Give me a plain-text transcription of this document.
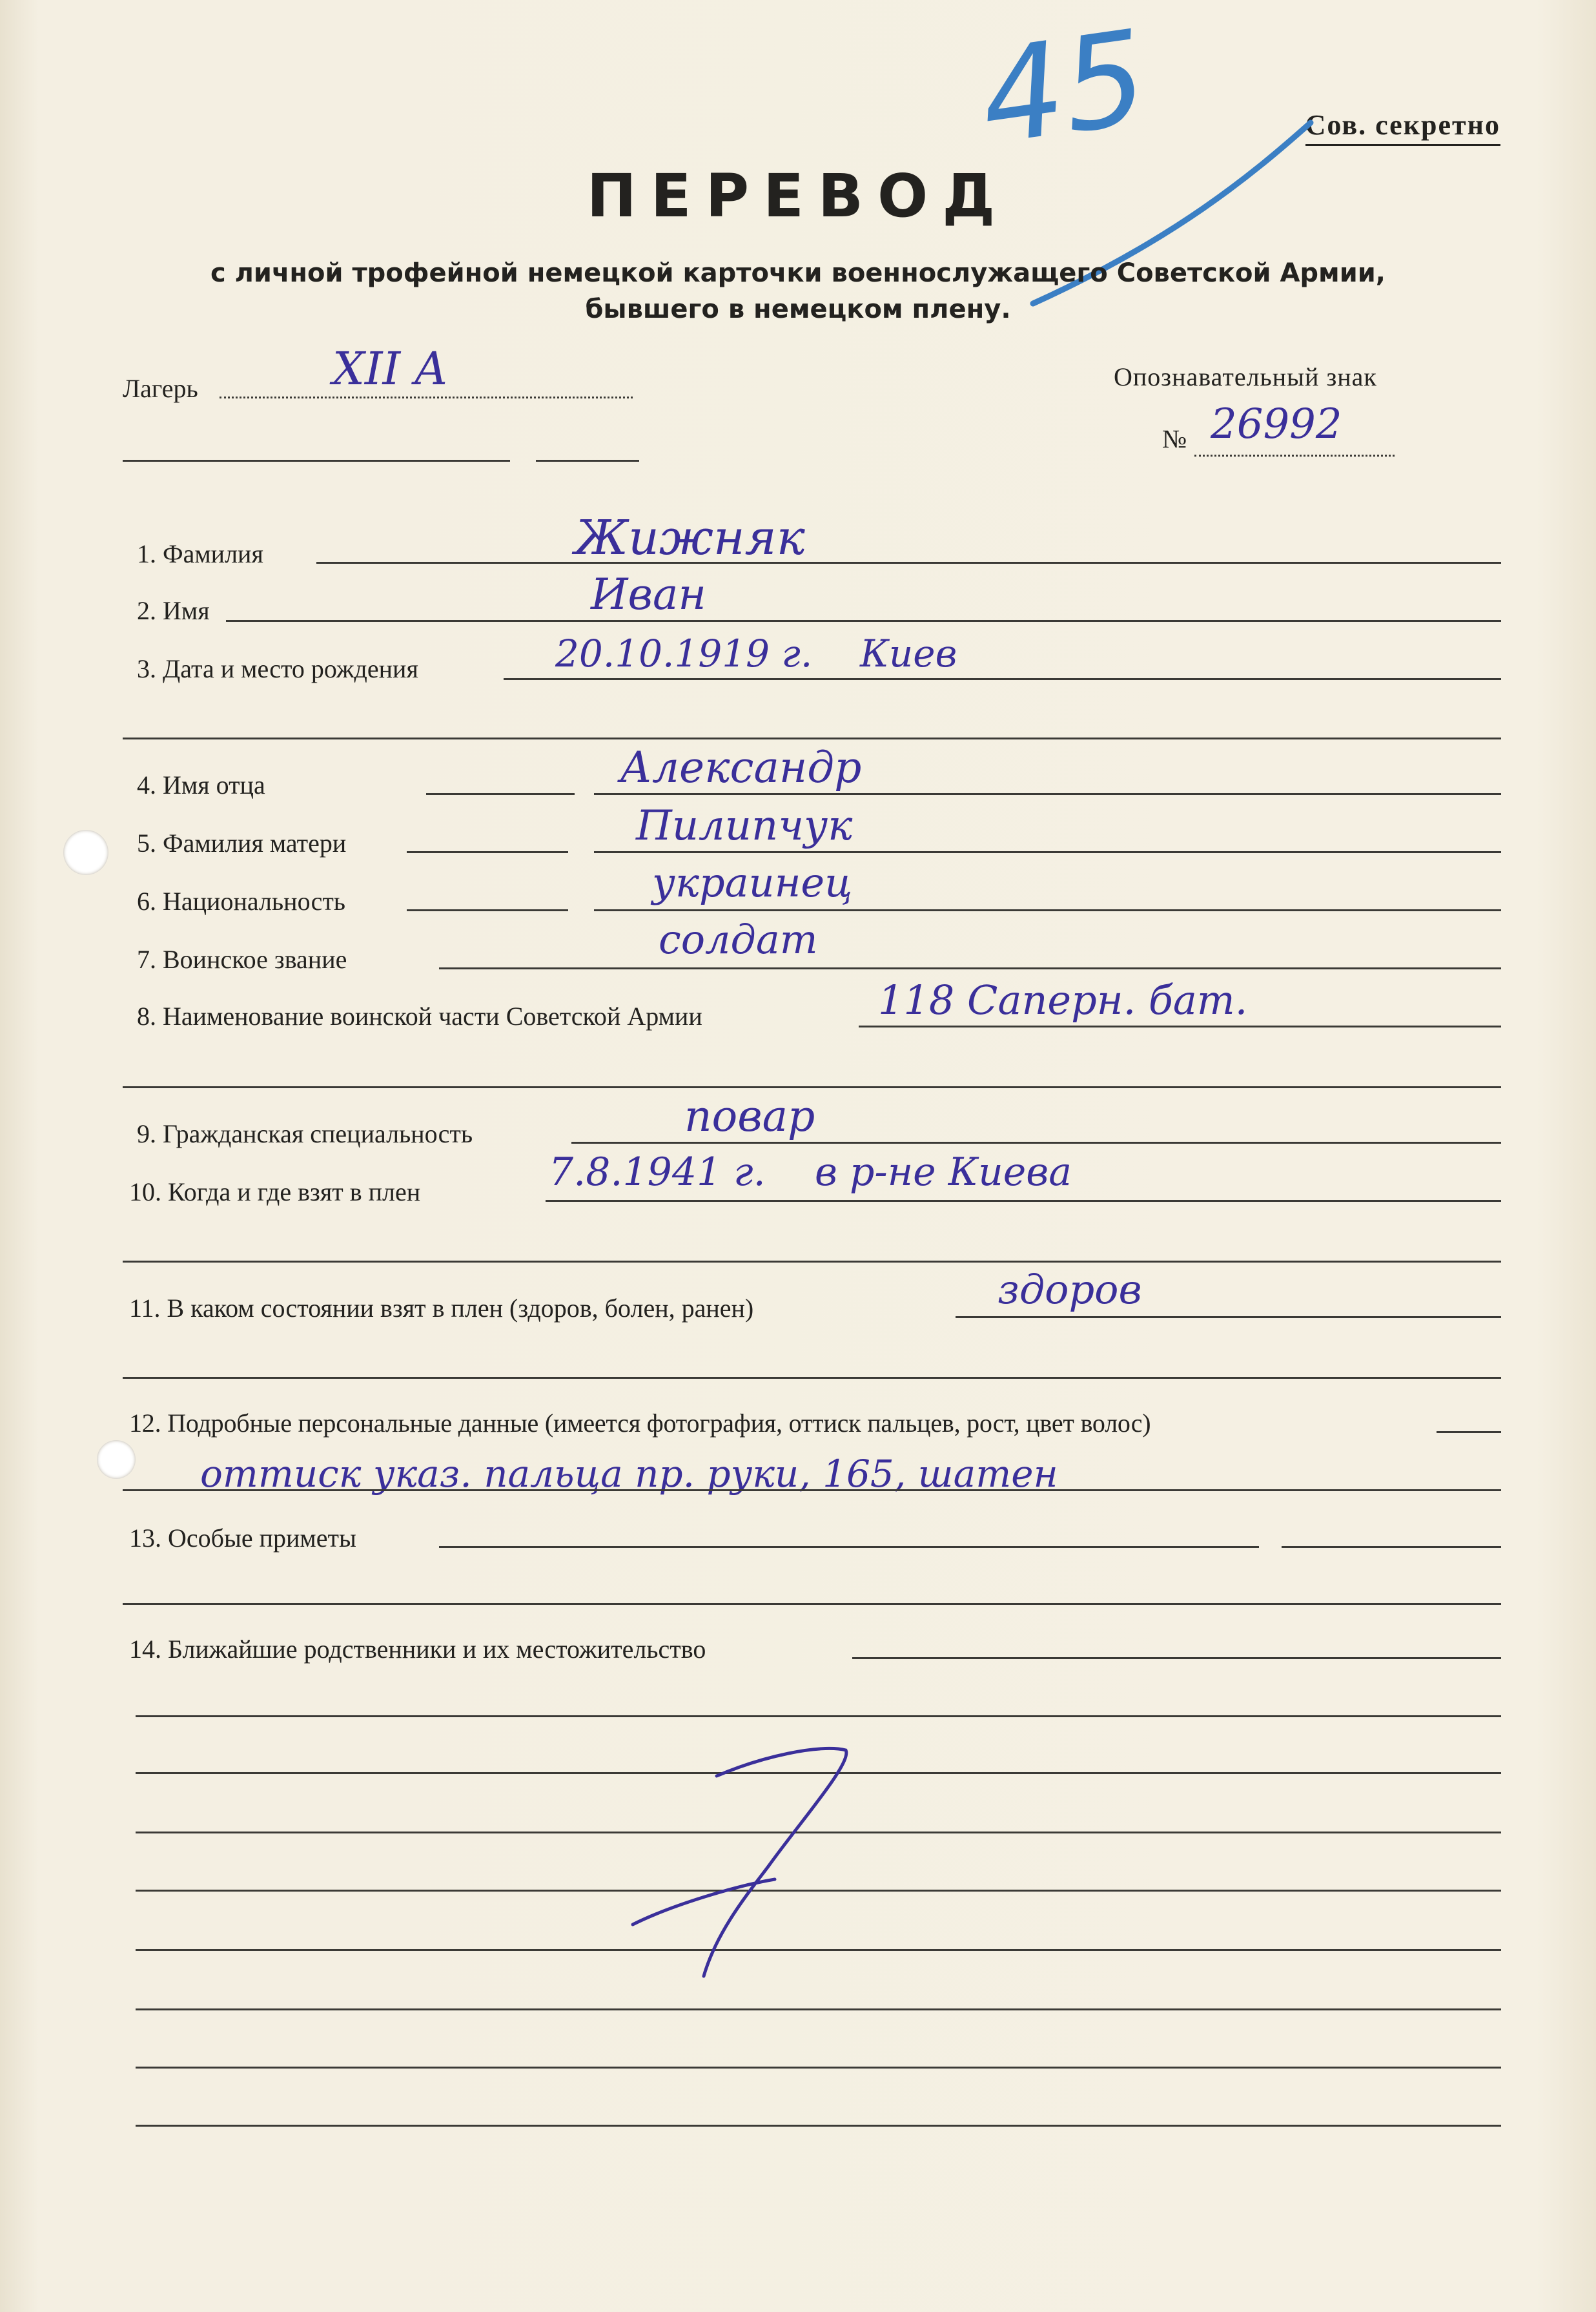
Сов. секретно
45
ПЕРЕВОД
с личной трофейной немецкой карточки военнослужащего Советской Армии,
бывшего в немецком плену.
Лагерь	XII A	Опознавательный знак
№ 26992
1. Фамилия	Жижняк
2. Имя	Иван
3. Дата и место рождения	20.10.1919 г.    Киев
4. Имя отца	Александр
5. Фамилия матери	Пилипчук
6. Национальность	украинец
7. Воинское звание	солдат
8. Наименование воинской части Советской Армии	118 Саперн. бат.
9. Гражданская специальность	повар
10. Когда и где взят в плен	7.8.1941 г.    в р-не Киева
11. В каком состоянии взят в плен (здоров, болен, ранен)	здоров
12. Подробные персональные данные (имеется фотография, оттиск пальцев, рост, цвет волос)
оттиск указ. пальца пр. руки, 165, шатен
13. Особые приметы
14. Ближайшие родственники и их местожительство
